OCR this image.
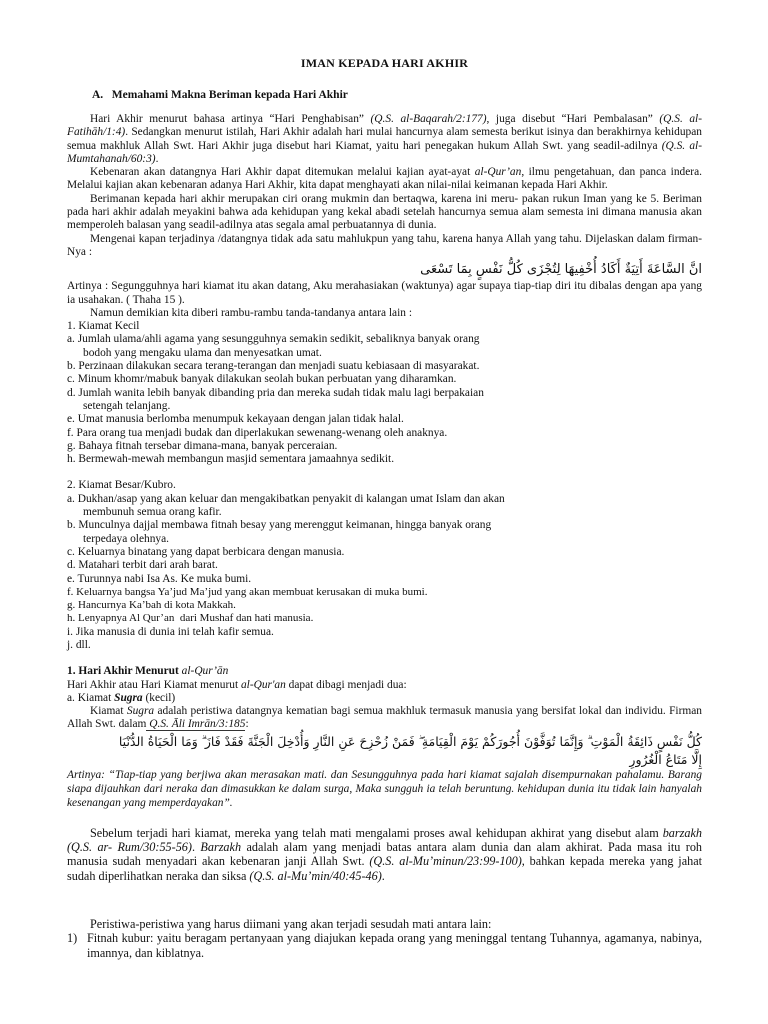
IMAN KEPADA HARI AKHIR
A.   Memahami Makna Beriman kepada Hari Akhir

Hari Akhir menurut bahasa artinya “Hari Penghabisan” (Q.S. al-Baqarah/2:177), juga disebut “Hari Pembalasan” (Q.S. al-Fatihāh/1:4). Sedangkan menurut istilah, Hari Akhir adalah hari mulai hancurnya alam semesta berikut isinya dan berakhirnya kehidupan semua makhluk Allah Swt. Hari Akhir juga disebut hari Kiamat, yaitu hari penegakan hukum Allah Swt. yang seadil-adilnya (Q.S. al- Mumtahanah/60:3).

Kebenaran akan datangnya Hari Akhir dapat ditemukan melalui kajian ayat-ayat al-Qur’an, ilmu pengetahuan, dan panca indera. Melalui kajian akan kebenaran adanya Hari Akhir, kita dapat menghayati akan nilai-nilai keimanan kepada Hari Akhir.

Berimanan kepada hari akhir merupakan ciri orang mukmin dan bertaqwa, karena ini meru- pakan rukun Iman yang ke 5. Beriman pada hari akhir adalah meyakini bahwa ada kehidupan yang kekal abadi setelah hancurnya semua alam semesta ini dimana manusia akan memperoleh balasan yang seadil-adilnya atas segala amal perbuatannya di dunia.

Mengenai kapan terjadinya /datangnya tidak ada satu mahlukpun yang tahu, karena hanya Allah yang tahu. Dijelaskan dalam firman-Nya :

انَّ السَّاعَةَ أَتِيَةٌ أَكَادُ أُخْفِيهَا لِتُجْزَى كُلُّ نَفْسٍ بِمَا تَسْعَى

Artinya : Segungguhnya hari kiamat itu akan datang, Aku merahasiakan (waktunya) agar supaya tiap-tiap diri itu dibalas dengan apa yang ia usahakan. ( Thaha 15 ).

Namun demikian kita diberi rambu-rambu tanda-tandanya antara lain :

1. Kiamat Kecil
a. Jumlah ulama/ahli agama yang sesungguhnya semakin sedikit, sebaliknya banyak orang
bodoh yang mengaku ulama dan menyesatkan umat.
b. Perzinaan dilakukan secara terang-terangan dan menjadi suatu kebiasaan di masyarakat.
c. Minum khomr/mabuk banyak dilakukan seolah bukan perbuatan yang diharamkan.
d. Jumlah wanita lebih banyak dibanding pria dan mereka sudah tidak malu lagi berpakaian
setengah telanjang.
e. Umat manusia berlomba menumpuk kekayaan dengan jalan tidak halal.
f. Para orang tua menjadi budak dan diperlakukan sewenang-wenang oleh anaknya.
g. Bahaya fitnah tersebar dimana-mana, banyak perceraian.
h. Bermewah-mewah membangun masjid sementara jamaahnya sedikit.
2. Kiamat Besar/Kubro.
a. Dukhan/asap yang akan keluar dan mengakibatkan penyakit di kalangan umat Islam dan akan
membunuh semua orang kafir.
b. Munculnya dajjal membawa fitnah besay yang merenggut keimanan, hingga banyak orang
terpedaya olehnya.
c. Keluarnya binatang yang dapat berbicara dengan manusia.
d. Matahari terbit dari arah barat.
e. Turunnya nabi Isa As. Ke muka bumi.
f. Keluarnya bangsa Ya’jud Ma’jud yang akan membuat kerusakan di muka bumi.
g. Hancurnya Ka’bah di kota Makkah.
h. Lenyapnya Al Qur’an  dari Mushaf dan hati manusia.
i. Jika manusia di dunia ini telah kafir semua.
j. dll.
1. Hari Akhir Menurut al-Qur’ān
Hari Akhir atau Hari Kiamat menurut al-Qur'an dapat dibagi menjadi dua:
a. Kiamat Sugra (kecil)

Kiamat Sugra adalah peristiwa datangnya kematian bagi semua makhluk termasuk manusia yang bersifat lokal dan individu. Firman Allah Swt. dalam Q.S. Āli Imrān/3:185:

كُلُّ نَفْسٍ ذَائِقَةُ الْمَوْتِ ۗ وَإِنَّمَا تُوَفَّوْنَ أُجُورَكُمْ يَوْمَ الْقِيَامَةِ ۖ فَمَنْ زُحْزِحَ عَنِ النَّارِ وَأُدْخِلَ الْجَنَّةَ فَقَدْ فَازَ ۗ وَمَا الْحَيَاةُ الدُّنْيَا
إِلَّا مَتَاعُ الْغُرُورِ

Artinya: “Tiap-tiap yang berjiwa akan merasakan mati. dan Sesungguhnya pada hari kiamat sajalah disempurnakan pahalamu. Barang siapa dijauhkan dari neraka dan dimasukkan ke dalam surga, Maka sungguh ia telah beruntung. kehidupan dunia itu tidak lain hanyalah kesenangan yang memperdayakan”.

Sebelum terjadi hari kiamat, mereka yang telah mati mengalami proses awal kehidupan akhirat yang disebut alam barzakh (Q.S. ar- Rum/30:55-56). Barzakh adalah alam yang menjadi batas antara alam dunia dan alam akhirat. Pada masa itu roh manusia sudah menyadari akan kebenaran janji Allah Swt. (Q.S. al-Mu’minun/23:99-100), bahkan kepada mereka yang jahat sudah diperlihatkan neraka dan siksa (Q.S. al-Mu’min/40:45-46).

Peristiwa-peristiwa yang harus diimani yang akan terjadi sesudah mati antara lain:

1) Fitnah kubur: yaitu beragam pertanyaan yang diajukan kepada orang yang meninggal tentang Tuhannya, agamanya, nabinya, imannya, dan kiblatnya.
